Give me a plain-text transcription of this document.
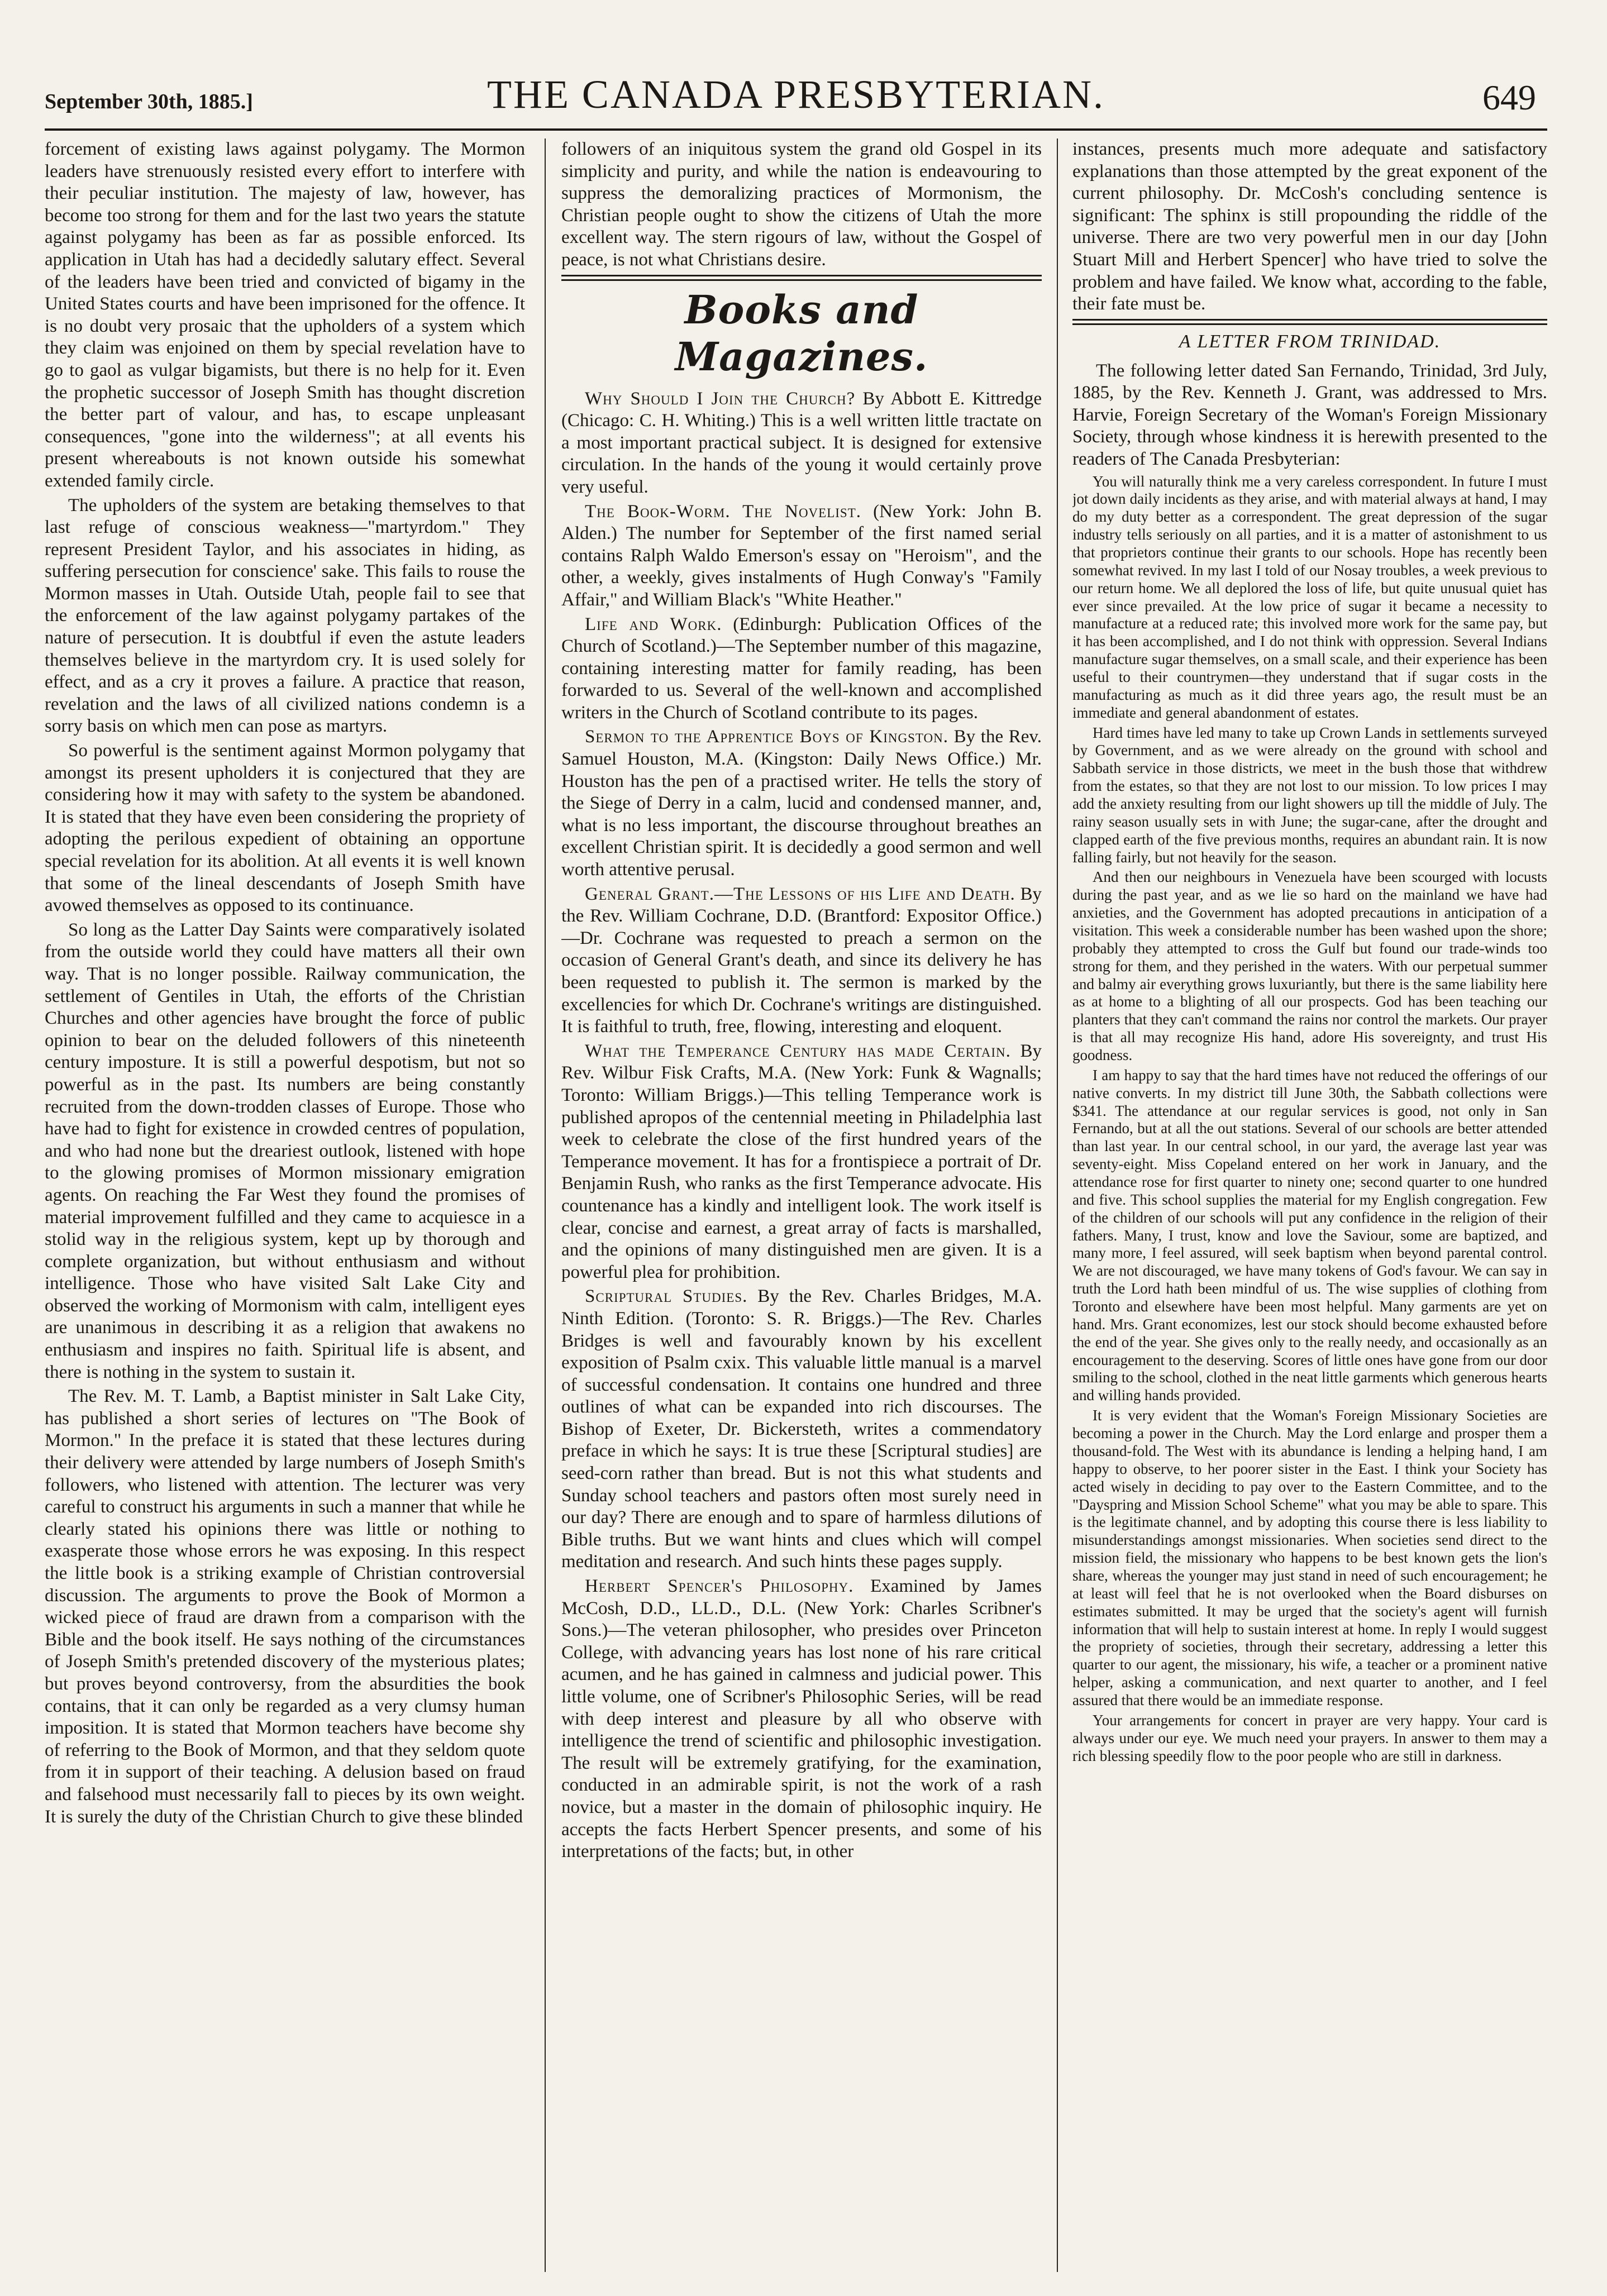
September 30th, 1885.]	THE CANADA PRESBYTERIAN.	649

forcement of existing laws against polygamy. The Mormon leaders have strenuously resisted every effort to interfere with their peculiar institution. The majesty of law, however, has become too strong for them and for the last two years the statute against polygamy has been as far as possible enforced. Its application in Utah has had a decidedly salutary effect. Several of the leaders have been tried and convicted of bigamy in the United States courts and have been imprisoned for the offence. It is no doubt very prosaic that the upholders of a system which they claim was enjoined on them by special revelation have to go to gaol as vulgar bigamists, but there is no help for it. Even the prophetic successor of Joseph Smith has thought discretion the better part of valour, and has, to escape unpleasant consequences, "gone into the wilderness"; at all events his present whereabouts is not known outside his somewhat extended family circle.

The upholders of the system are betaking themselves to that last refuge of conscious weakness—"martyrdom." They represent President Taylor, and his associates in hiding, as suffering persecution for conscience' sake. This fails to rouse the Mormon masses in Utah. Outside Utah, people fail to see that the enforcement of the law against polygamy partakes of the nature of persecution. It is doubtful if even the astute leaders themselves believe in the martyrdom cry. It is used solely for effect, and as a cry it proves a failure. A practice that reason, revelation and the laws of all civilized nations condemn is a sorry basis on which men can pose as martyrs.

So powerful is the sentiment against Mormon polygamy that amongst its present upholders it is conjectured that they are considering how it may with safety to the system be abandoned. It is stated that they have even been considering the propriety of adopting the perilous expedient of obtaining an opportune special revelation for its abolition. At all events it is well known that some of the lineal descendants of Joseph Smith have avowed themselves as opposed to its continuance.

So long as the Latter Day Saints were comparatively isolated from the outside world they could have matters all their own way. That is no longer possible. Railway communication, the settlement of Gentiles in Utah, the efforts of the Christian Churches and other agencies have brought the force of public opinion to bear on the deluded followers of this nineteenth century imposture. It is still a powerful despotism, but not so powerful as in the past. Its numbers are being constantly recruited from the down-trodden classes of Europe. Those who have had to fight for existence in crowded centres of population, and who had none but the dreariest outlook, listened with hope to the glowing promises of Mormon missionary emigration agents. On reaching the Far West they found the promises of material improvement fulfilled and they came to acquiesce in a stolid way in the religious system, kept up by thorough and complete organization, but without enthusiasm and without intelligence. Those who have visited Salt Lake City and observed the working of Mormonism with calm, intelligent eyes are unanimous in describing it as a religion that awakens no enthusiasm and inspires no faith. Spiritual life is absent, and there is nothing in the system to sustain it.

The Rev. M. T. Lamb, a Baptist minister in Salt Lake City, has published a short series of lectures on "The Book of Mormon." In the preface it is stated that these lectures during their delivery were attended by large numbers of Joseph Smith's followers, who listened with attention. The lecturer was very careful to construct his arguments in such a manner that while he clearly stated his opinions there was little or nothing to exasperate those whose errors he was exposing. In this respect the little book is a striking example of Christian controversial discussion. The arguments to prove the Book of Mormon a wicked piece of fraud are drawn from a comparison with the Bible and the book itself. He says nothing of the circumstances of Joseph Smith's pretended discovery of the mysterious plates; but proves beyond controversy, from the absurdities the book contains, that it can only be regarded as a very clumsy human imposition. It is stated that Mormon teachers have become shy of referring to the Book of Mormon, and that they seldom quote from it in support of their teaching. A delusion based on fraud and falsehood must necessarily fall to pieces by its own weight. It is surely the duty of the Christian Church to give these blinded

followers of an iniquitous system the grand old Gospel in its simplicity and purity, and while the nation is endeavouring to suppress the demoralizing practices of Mormonism, the Christian people ought to show the citizens of Utah the more excellent way. The stern rigours of law, without the Gospel of peace, is not what Christians desire.

Books and Magazines.

Why Should I Join the Church? By Abbott E. Kittredge (Chicago: C. H. Whiting.) This is a well written little tractate on a most important practical subject. It is designed for extensive circulation. In the hands of the young it would certainly prove very useful.

The Book-Worm. The Novelist. (New York: John B. Alden.) The number for September of the first named serial contains Ralph Waldo Emerson's essay on "Heroism", and the other, a weekly, gives instalments of Hugh Conway's "Family Affair," and William Black's "White Heather."

Life and Work. (Edinburgh: Publication Offices of the Church of Scotland.)—The September number of this magazine, containing interesting matter for family reading, has been forwarded to us. Several of the well-known and accomplished writers in the Church of Scotland contribute to its pages.

Sermon to the Apprentice Boys of Kingston. By the Rev. Samuel Houston, M.A. (Kingston: Daily News Office.) Mr. Houston has the pen of a practised writer. He tells the story of the Siege of Derry in a calm, lucid and condensed manner, and, what is no less important, the discourse throughout breathes an excellent Christian spirit. It is decidedly a good sermon and well worth attentive perusal.

General Grant.—The Lessons of his Life and Death. By the Rev. William Cochrane, D.D. (Brantford: Expositor Office.)—Dr. Cochrane was requested to preach a sermon on the occasion of General Grant's death, and since its delivery he has been requested to publish it. The sermon is marked by the excellencies for which Dr. Cochrane's writings are distinguished. It is faithful to truth, free, flowing, interesting and eloquent.

What the Temperance Century has made Certain. By Rev. Wilbur Fisk Crafts, M.A. (New York: Funk & Wagnalls; Toronto: William Briggs.)—This telling Temperance work is published apropos of the centennial meeting in Philadelphia last week to celebrate the close of the first hundred years of the Temperance movement. It has for a frontispiece a portrait of Dr. Benjamin Rush, who ranks as the first Temperance advocate. His countenance has a kindly and intelligent look. The work itself is clear, concise and earnest, a great array of facts is marshalled, and the opinions of many distinguished men are given. It is a powerful plea for prohibition.

Scriptural Studies. By the Rev. Charles Bridges, M.A. Ninth Edition. (Toronto: S. R. Briggs.)—The Rev. Charles Bridges is well and favourably known by his excellent exposition of Psalm cxix. This valuable little manual is a marvel of successful condensation. It contains one hundred and three outlines of what can be expanded into rich discourses. The Bishop of Exeter, Dr. Bickersteth, writes a commendatory preface in which he says: It is true these [Scriptural studies] are seed-corn rather than bread. But is not this what students and Sunday school teachers and pastors often most surely need in our day? There are enough and to spare of harmless dilutions of Bible truths. But we want hints and clues which will compel meditation and research. And such hints these pages supply.

Herbert Spencer's Philosophy. Examined by James McCosh, D.D., LL.D., D.L. (New York: Charles Scribner's Sons.)—The veteran philosopher, who presides over Princeton College, with advancing years has lost none of his rare critical acumen, and he has gained in calmness and judicial power. This little volume, one of Scribner's Philosophic Series, will be read with deep interest and pleasure by all who observe with intelligence the trend of scientific and philosophic investigation. The result will be extremely gratifying, for the examination, conducted in an admirable spirit, is not the work of a rash novice, but a master in the domain of philosophic inquiry. He accepts the facts Herbert Spencer presents, and some of his interpretations of the facts; but, in other

instances, presents much more adequate and satisfactory explanations than those attempted by the great exponent of the current philosophy. Dr. McCosh's concluding sentence is significant: The sphinx is still propounding the riddle of the universe. There are two very powerful men in our day [John Stuart Mill and Herbert Spencer] who have tried to solve the problem and have failed. We know what, according to the fable, their fate must be.

A LETTER FROM TRINIDAD.

The following letter dated San Fernando, Trinidad, 3rd July, 1885, by the Rev. Kenneth J. Grant, was addressed to Mrs. Harvie, Foreign Secretary of the Woman's Foreign Missionary Society, through whose kindness it is herewith presented to the readers of The Canada Presbyterian:

You will naturally think me a very careless correspondent. In future I must jot down daily incidents as they arise, and with material always at hand, I may do my duty better as a correspondent. The great depression of the sugar industry tells seriously on all parties, and it is a matter of astonishment to us that proprietors continue their grants to our schools. Hope has recently been somewhat revived. In my last I told of our Nosay troubles, a week previous to our return home. We all deplored the loss of life, but quite unusual quiet has ever since prevailed. At the low price of sugar it became a necessity to manufacture at a reduced rate; this involved more work for the same pay, but it has been accomplished, and I do not think with oppression. Several Indians manufacture sugar themselves, on a small scale, and their experience has been useful to their countrymen—they understand that if sugar costs in the manufacturing as much as it did three years ago, the result must be an immediate and general abandonment of estates.

Hard times have led many to take up Crown Lands in settlements surveyed by Government, and as we were already on the ground with school and Sabbath service in those districts, we meet in the bush those that withdrew from the estates, so that they are not lost to our mission. To low prices I may add the anxiety resulting from our light showers up till the middle of July. The rainy season usually sets in with June; the sugar-cane, after the drought and clapped earth of the five previous months, requires an abundant rain. It is now falling fairly, but not heavily for the season.

And then our neighbours in Venezuela have been scourged with locusts during the past year, and as we lie so hard on the mainland we have had anxieties, and the Government has adopted precautions in anticipation of a visitation. This week a considerable number has been washed upon the shore; probably they attempted to cross the Gulf but found our trade-winds too strong for them, and they perished in the waters. With our perpetual summer and balmy air everything grows luxuriantly, but there is the same liability here as at home to a blighting of all our prospects. God has been teaching our planters that they can't command the rains nor control the markets. Our prayer is that all may recognize His hand, adore His sovereignty, and trust His goodness.

I am happy to say that the hard times have not reduced the offerings of our native converts. In my district till June 30th, the Sabbath collections were $341. The attendance at our regular services is good, not only in San Fernando, but at all the out stations. Several of our schools are better attended than last year. In our central school, in our yard, the average last year was seventy-eight. Miss Copeland entered on her work in January, and the attendance rose for first quarter to ninety one; second quarter to one hundred and five. This school supplies the material for my English congregation. Few of the children of our schools will put any confidence in the religion of their fathers. Many, I trust, know and love the Saviour, some are baptized, and many more, I feel assured, will seek baptism when beyond parental control. We are not discouraged, we have many tokens of God's favour. We can say in truth the Lord hath been mindful of us. The wise supplies of clothing from Toronto and elsewhere have been most helpful. Many garments are yet on hand. Mrs. Grant economizes, lest our stock should become exhausted before the end of the year. She gives only to the really needy, and occasionally as an encouragement to the deserving. Scores of little ones have gone from our door smiling to the school, clothed in the neat little garments which generous hearts and willing hands provided.

It is very evident that the Woman's Foreign Missionary Societies are becoming a power in the Church. May the Lord enlarge and prosper them a thousand-fold. The West with its abundance is lending a helping hand, I am happy to observe, to her poorer sister in the East. I think your Society has acted wisely in deciding to pay over to the Eastern Committee, and to the "Dayspring and Mission School Scheme" what you may be able to spare. This is the legitimate channel, and by adopting this course there is less liability to misunderstandings amongst missionaries. When societies send direct to the mission field, the missionary who happens to be best known gets the lion's share, whereas the younger may just stand in need of such encouragement; he at least will feel that he is not overlooked when the Board disburses on estimates submitted. It may be urged that the society's agent will furnish information that will help to sustain interest at home. In reply I would suggest the propriety of societies, through their secretary, addressing a letter this quarter to our agent, the missionary, his wife, a teacher or a prominent native helper, asking a communication, and next quarter to another, and I feel assured that there would be an immediate response.

Your arrangements for concert in prayer are very happy. Your card is always under our eye. We much need your prayers. In answer to them may a rich blessing speedily flow to the poor people who are still in darkness.
